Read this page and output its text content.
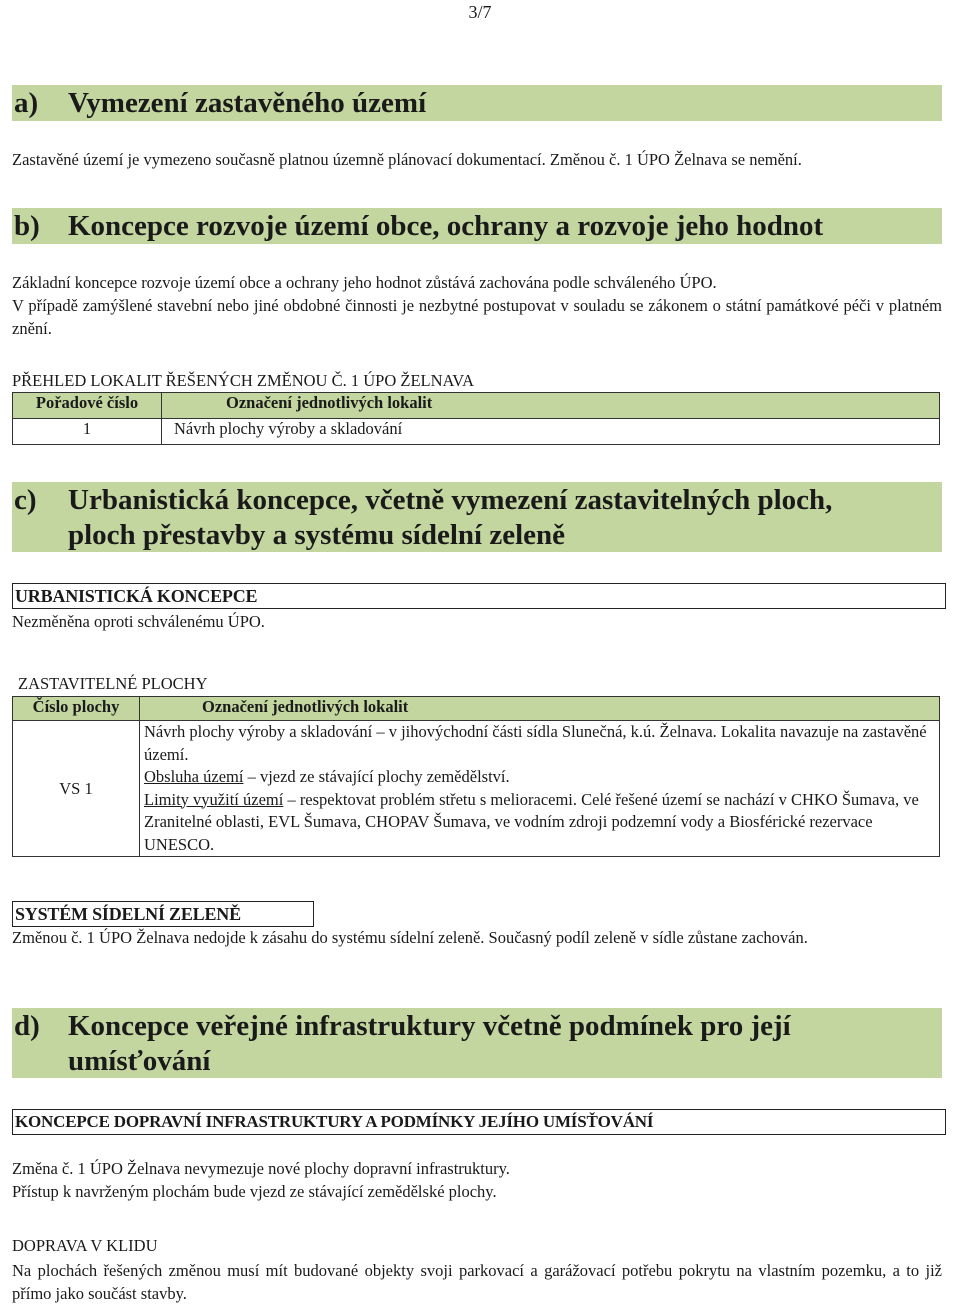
3/7
a)	Vymezení zastavěného území
Zastavěné území je vymezeno současně platnou územně plánovací dokumentací. Změnou č. 1 ÚPO Želnava se nemění.
b) Koncepce rozvoje území obce, ochrany a rozvoje jeho hodnot
Základní koncepce rozvoje území obce a ochrany jeho hodnot zůstává zachována podle schváleného ÚPO.
V případě zamýšlené stavební nebo jiné obdobné činnosti je nezbytné postupovat v souladu se zákonem o státní památkové péči v platném znění.
PŘEHLED LOKALIT ŘEŠENÝCH ZMĚNOU Č. 1 ÚPO ŽELNAVA
Pořadové číslo	Označení jednotlivých lokalit
1	Návrh plochy výroby a skladování
c)	Urbanistická koncepce, včetně vymezení zastavitelných ploch,
ploch přestavby a systému sídelní zeleně
URBANISTICKÁ KONCEPCE
Nezměněna oproti schválenému ÚPO.
ZASTAVITELNÉ PLOCHY
Číslo plochy	Označení jednotlivých lokalit
VS 1	Návrh plochy výroby a skladování – v jihovýchodní části sídla Slunečná, k.ú. Želnava. Lokalita navazuje na zastavěné území.
Obsluha území – vjezd ze stávající plochy zemědělství.
Limity využití území – respektovat problém střetu s melioracemi. Celé řešené území se nachází v CHKO Šumava, ve Zranitelné oblasti, EVL Šumava, CHOPAV Šumava, ve vodním zdroji podzemní vody a Biosférické rezervace UNESCO.
SYSTÉM SÍDELNÍ ZELENĚ
Změnou č. 1 ÚPO Želnava nedojde k zásahu do systému sídelní zeleně. Současný podíl zeleně v sídle zůstane zachován.
d) Koncepce veřejné infrastruktury včetně podmínek pro její
umísťování
KONCEPCE DOPRAVNÍ INFRASTRUKTURY A PODMÍNKY JEJÍHO UMÍSŤOVÁNÍ
Změna č. 1 ÚPO Želnava nevymezuje nové plochy dopravní infrastruktury.
Přístup k navrženým plochám bude vjezd ze stávající zemědělské plochy.
DOPRAVA V KLIDU
Na plochách řešených změnou musí mít budované objekty svoji parkovací a garážovací potřebu pokrytu na vlastním pozemku, a to již přímo jako součást stavby.
